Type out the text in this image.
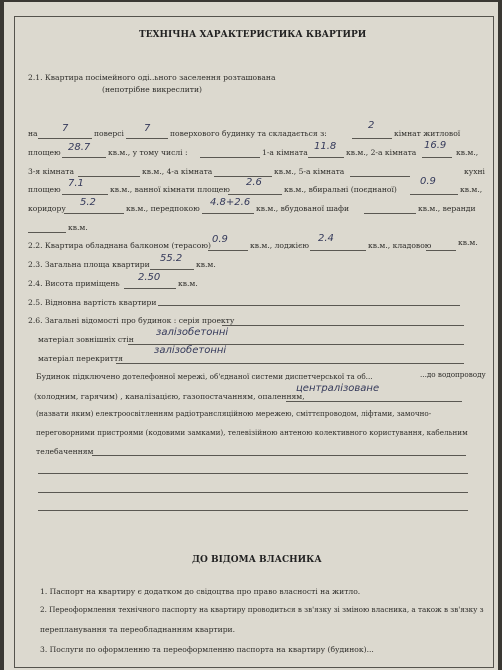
ТЕХНІЧНА ХАРАКТЕРИСТИКА КВАРТИРИ
2.1. Квартира посімейного оді..ьного заселення розташована
(непотрібне викреслити)
на 7	поверсі 7	поверхового будинку та складається з:
2
кімнат житлової
площею 28.7 кв.м., у тому числі :	1-а кімната
11.8
кв.м., 2-а кімната
16.9
кв.м.,
3-я кімната	кв.м., 4-а кімната	кв.м., 5-а кімната	кухні
площею
7.1
кв.м., ванної кімнати площею
2.6
кв.м., вбиральні (поєднаної)
0.9
кв.м.,
коридору
5.2
кв.м., передпокою
4.8+2.6
кв.м., вбудованої шафи	кв.м., веранди
кв.м.
2.2. Квартира обладнана балконом (терасою)
0.9
кв.м., лоджією
2.4
кв.м., кладовою	кв.м.
2.3. Загальна площа квартири
55.2
кв.м.
2.4. Висота приміщень
2.50
кв.м.
2.5. Відновна вартість квартири
2.6. Загальні відомості про будинок : серія проекту
матеріал зовнішніх стін
залізобетонні
матеріал перекриття
залізобетонні
Будинок підключено до телефонної мережі, об'єднаної системи диспетчерської та об...	...до водопроводу
(холодним, гарячим) , каналізацією, газопостачанням, опаленням,
централізоване
(назвати яким) електроосвітленням радіотрансляційною мережею, сміттєпроводом, ліфтами, замочно-
переговорними пристроями (кодовими замками), телевізійною антеною колективного користування, кабельним
телебаченням
ДО ВІДОМА ВЛАСНИКА
1. Паспорт на квартиру є додатком до свідоцтва про право власності на житло.
2. Переоформлення технічного паспорту на квартиру проводиться в зв'язку зі зміною власника, а також в зв'язку з
перепланування та переобладнанням квартири.
3. Послуги по оформленню та переоформленню паспорта на квартиру (будинок)...
